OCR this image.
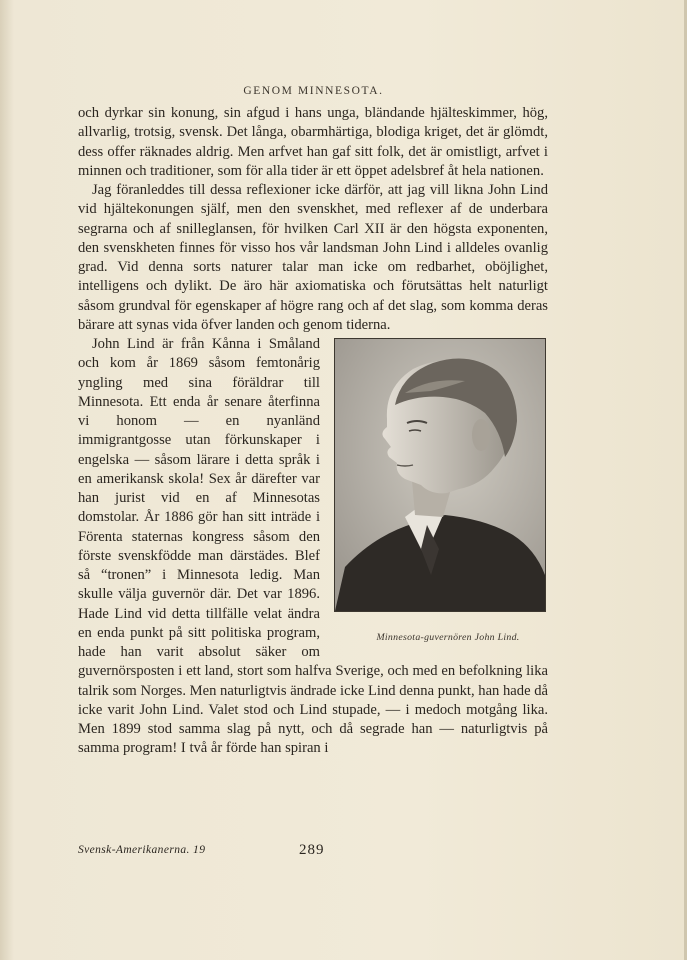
GENOM MINNESOTA.

och dyrkar sin konung, sin afgud i hans unga, bländande hjälteskimmer, hög, allvarlig, trotsig, svensk. Det långa, obarmhärtiga, blodiga kriget, det är glömdt, dess offer räknades aldrig. Men arfvet han gaf sitt folk, det är omistligt, arfvet i minnen och traditioner, som för alla tider är ett öppet adelsbref åt hela nationen.

Jag föranleddes till dessa reflexioner icke därför, att jag vill likna John Lind vid hjältekonungen själf, men den svenskhet, med reflexer af de underbara segrarna och af snilleglansen, för hvilken Carl XII är den högsta exponenten, den svenskheten finnes för visso hos vår landsman John Lind i alldeles ovanlig grad. Vid denna sorts naturer talar man icke om redbarhet, oböjlighet, intelligens och dylikt. De äro här axiomatiska och förutsättas helt naturligt såsom grundval för egenskaper af högre rang och af det slag, som komma deras bärare att synas vida öfver landen och genom tiderna.

Minnesota-guvernören John Lind.
John Lind är från Kånna i Småland och kom år 1869 såsom femtonårig yngling med sina föräldrar till Minnesota. Ett enda år senare återfinna vi honom — en nyanländ immigrantgosse utan förkunskaper i engelska — såsom lärare i detta språk i en amerikansk skola! Sex år därefter var han jurist vid en af Minnesotas domstolar. År 1886 gör han sitt inträde i Förenta staternas kongress såsom den förste svenskfödde man därstädes. Blef så “tronen” i Minnesota ledig. Man skulle välja guvernör där. Det var 1896. Hade Lind vid detta tillfälle velat ändra en enda punkt på sitt politiska program, hade han varit absolut säker om guvernörsposten i ett land, stort som halfva Sverige, och med en befolkning lika talrik som Norges. Men naturligtvis ändrade icke Lind denna punkt, han hade då icke varit John Lind. Valet stod och Lind stupade, — i medoch motgång lika. Men 1899 stod samma slag på nytt, och då segrade han — naturligtvis på samma program! I två år förde han spiran i

Svensk-Amerikanerna. 19	289
